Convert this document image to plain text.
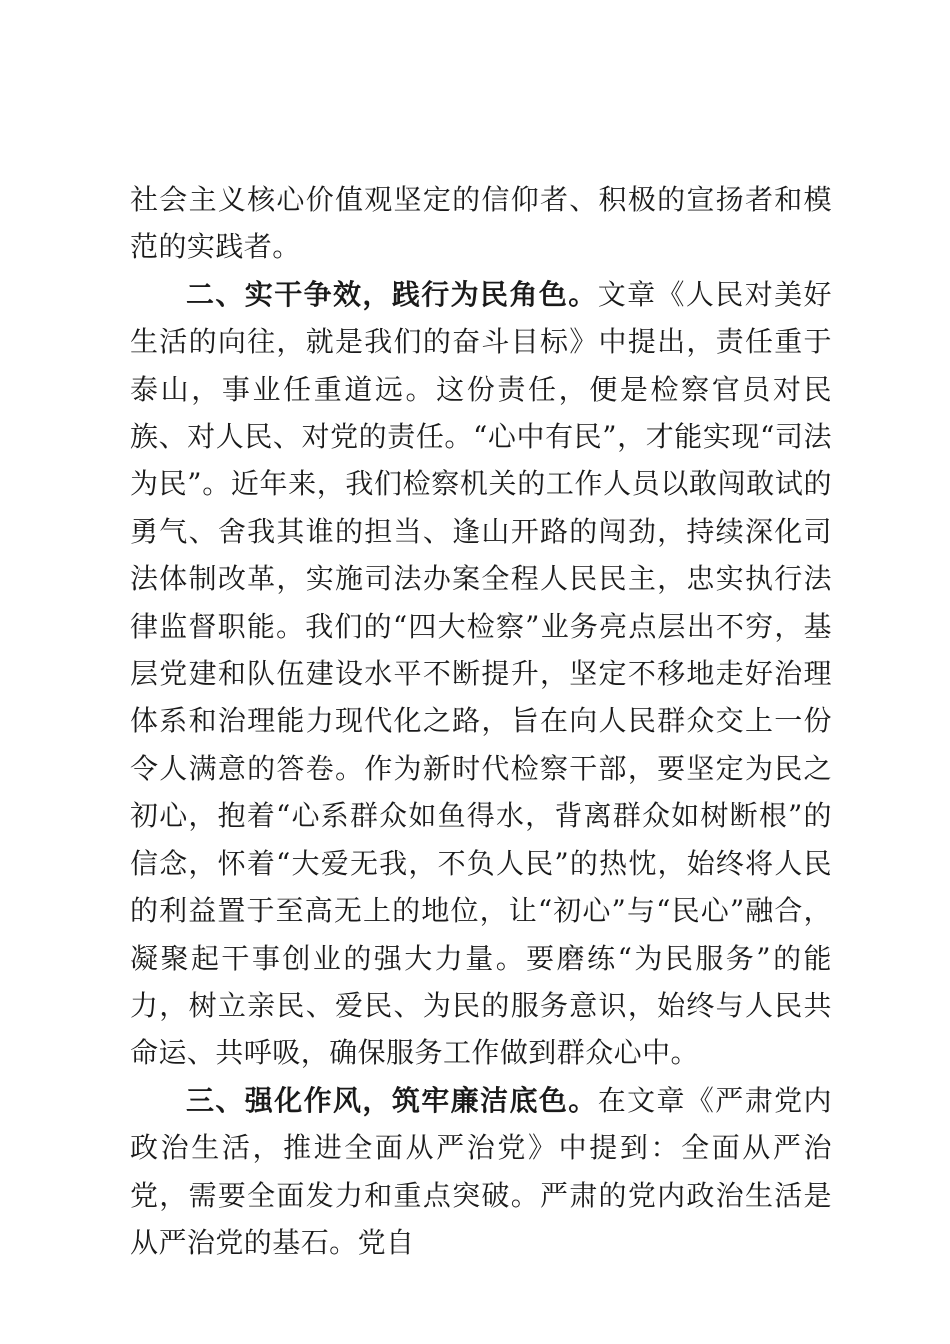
社会主义核心价值观坚定的信仰者、积极的宣扬者和模范的实践者。

二、实干争效，践行为民角色。文章《人民对美好生活的向往，就是我们的奋斗目标》中提出，责任重于泰山，事业任重道远。这份责任，便是检察官员对民族、对人民、对党的责任。“心中有民”，才能实现“司法为民”。近年来，我们检察机关的工作人员以敢闯敢试的勇气、舍我其谁的担当、逢山开路的闯劲，持续深化司法体制改革，实施司法办案全程人民民主，忠实执行法律监督职能。我们的“四大检察”业务亮点层出不穷，基层党建和队伍建设水平不断提升，坚定不移地走好治理体系和治理能力现代化之路，旨在向人民群众交上一份令人满意的答卷。作为新时代检察干部，要坚定为民之初心，抱着“心系群众如鱼得水，背离群众如树断根”的信念，怀着“大爱无我，不负人民”的热忱，始终将人民的利益置于至高无上的地位，让“初心”与“民心”融合，凝聚起干事创业的强大力量。要磨练“为民服务”的能力，树立亲民、爱民、为民的服务意识，始终与人民共命运、共呼吸，确保服务工作做到群众心中。

三、强化作风，筑牢廉洁底色。在文章《严肃党内政治生活，推进全面从严治党》中提到：全面从严治党，需要全面发力和重点突破。严肃的党内政治生活是从严治党的基石。党自
